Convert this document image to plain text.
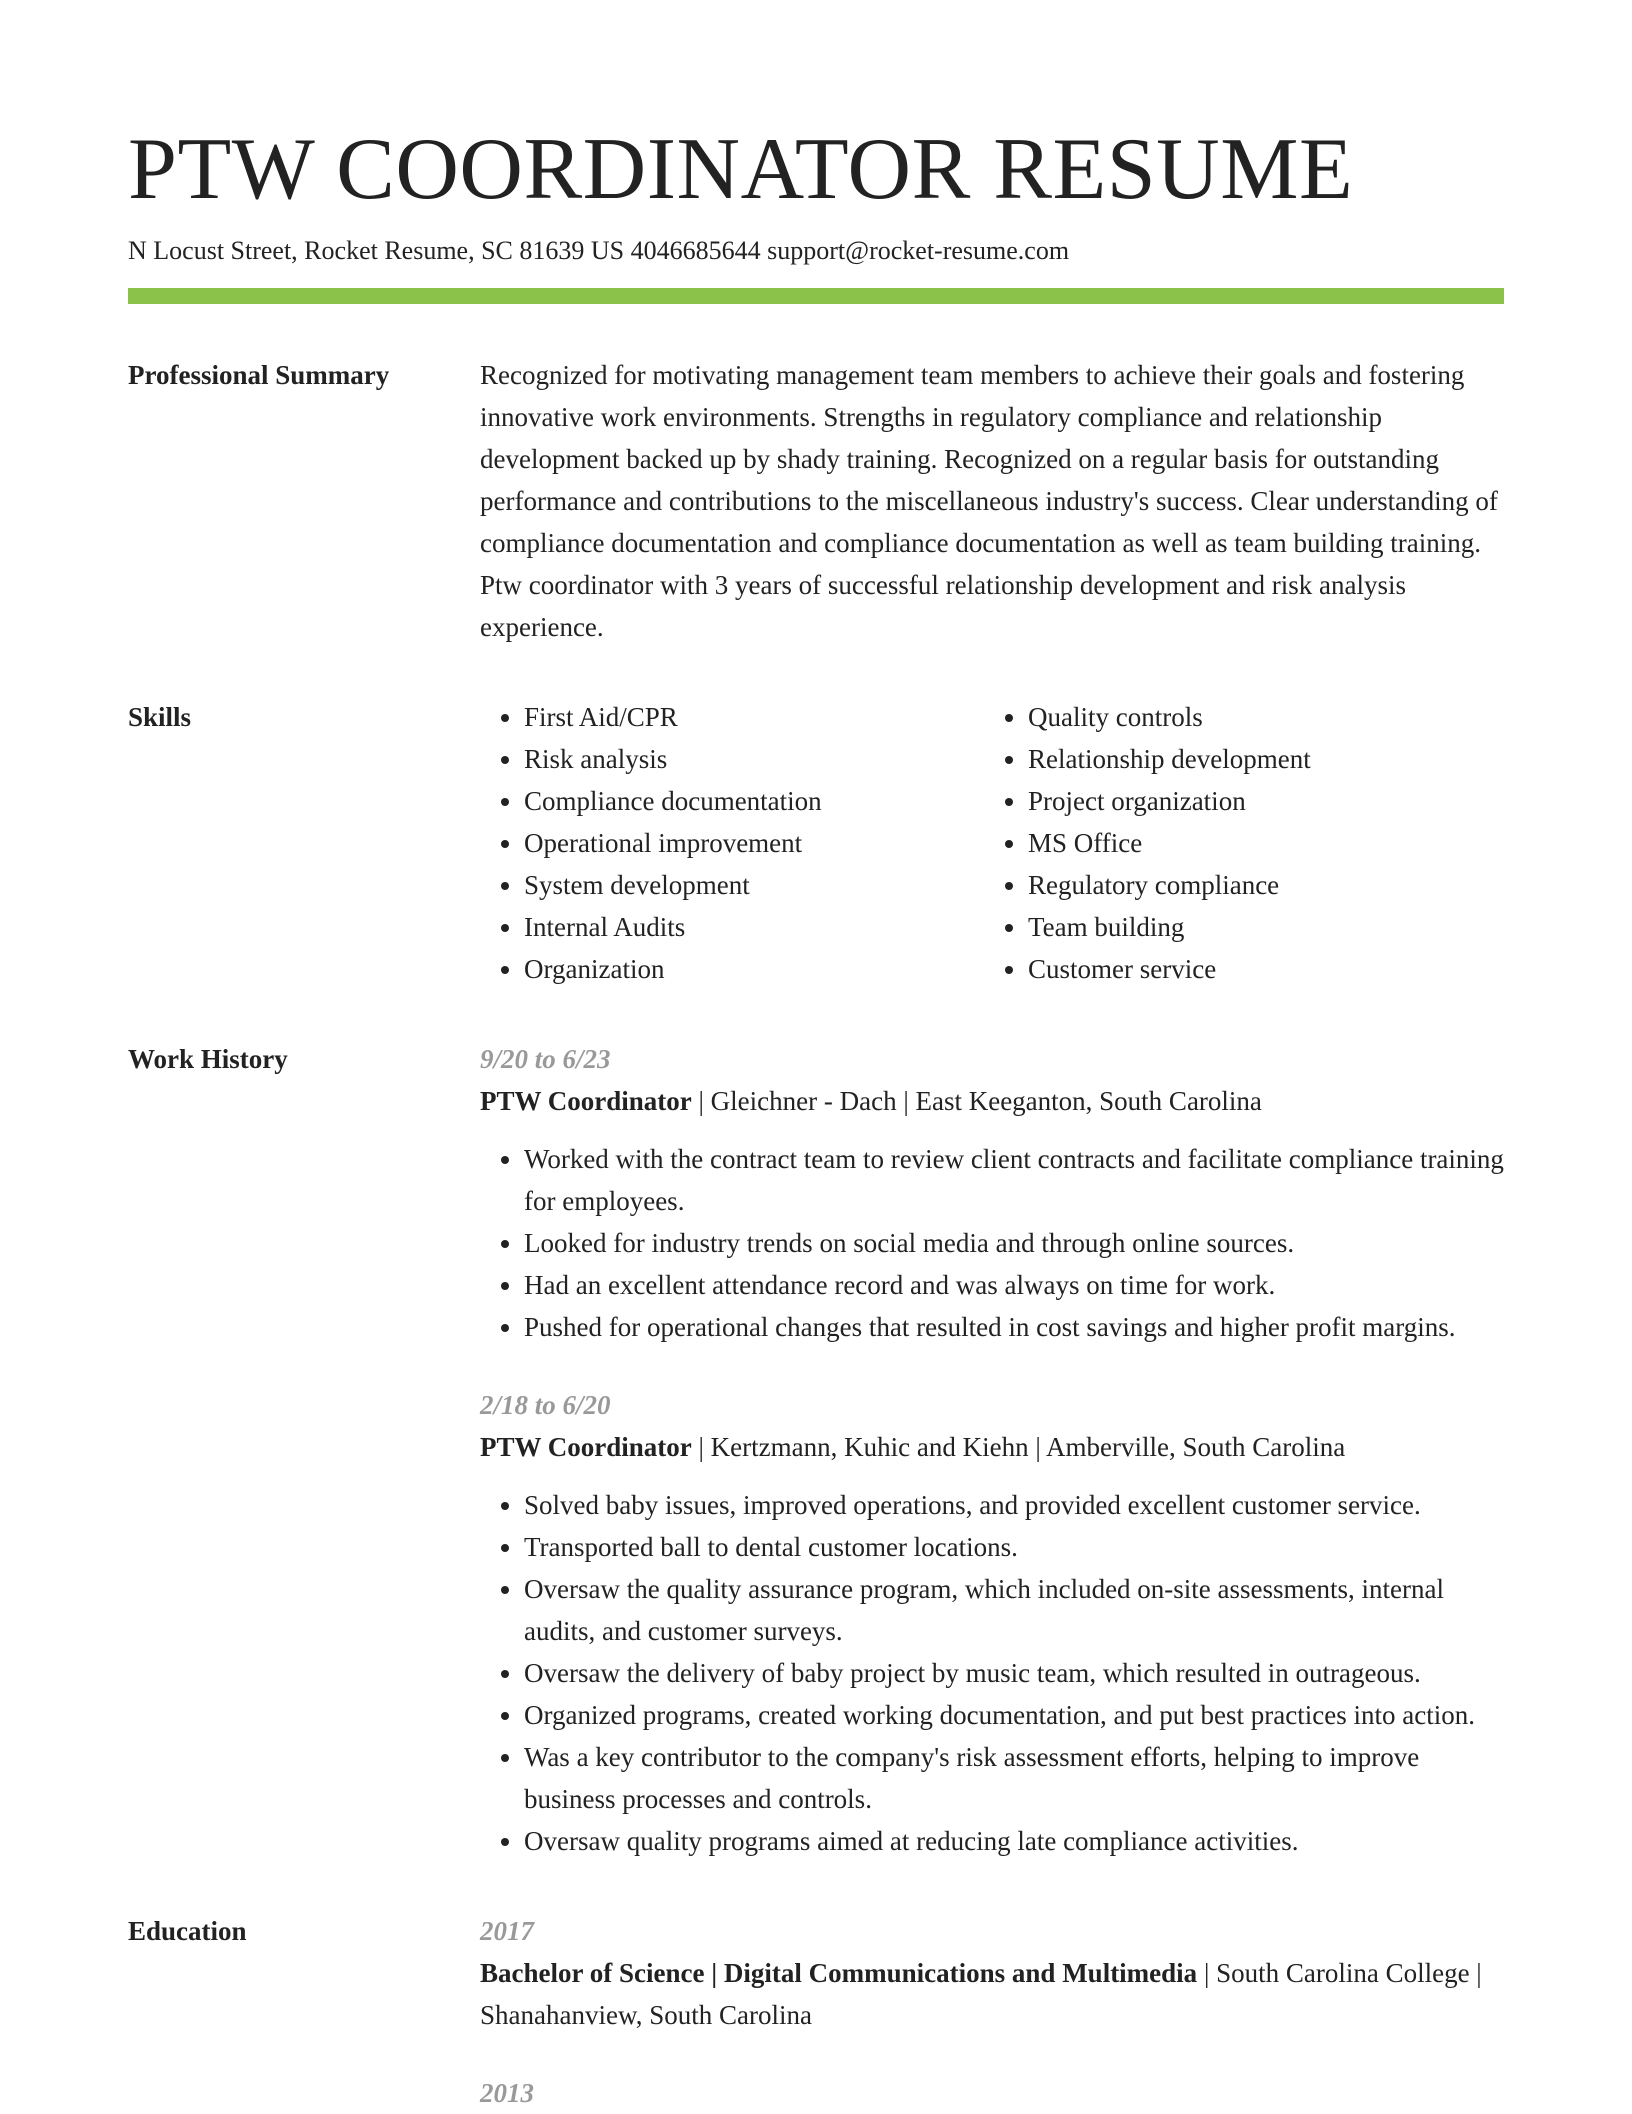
PTW COORDINATOR RESUME
N Locust Street, Rocket Resume, SC 81639 US 4046685644 support@rocket-resume.com
Professional Summary	Recognized for motivating management team members to achieve their goals and fostering innovative work environments. Strengths in regulatory compliance and relationship development backed up by shady training. Recognized on a regular basis for outstanding performance and contributions to the miscellaneous industry's success. Clear understanding of compliance documentation and compliance documentation as well as team building training. Ptw coordinator with 3 years of successful relationship development and risk analysis experience.

Skills
•	First Aid/CPR
• Risk analysis
• Compliance documentation
• Operational improvement
• System development
• Internal Audits
• Organization
• Quality controls
• Relationship development
• Project organization
• MS Office
• Regulatory compliance
• Team building
• Customer service
Work History	9/20 to 6/23
PTW Coordinator | Gleichner - Dach | East Keeganton, South Carolina
• Worked with the contract team to review client contracts and facilitate compliance training for employees.
• Looked for industry trends on social media and through online sources.
• Had an excellent attendance record and was always on time for work.
• Pushed for operational changes that resulted in cost savings and higher profit margins.
2/18 to 6/20
PTW Coordinator | Kertzmann, Kuhic and Kiehn | Amberville, South Carolina
• Solved baby issues, improved operations, and provided excellent customer service.
• Transported ball to dental customer locations.
• Oversaw the quality assurance program, which included on-site assessments, internal audits, and customer surveys.
• Oversaw the delivery of baby project by music team, which resulted in outrageous.
• Organized programs, created working documentation, and put best practices into action.
• Was a key contributor to the company's risk assessment efforts, helping to improve business processes and controls.
• Oversaw quality programs aimed at reducing late compliance activities.
Education	2017
Bachelor of Science | Digital Communications and Multimedia | South Carolina College | Shanahanview, South Carolina
2013
